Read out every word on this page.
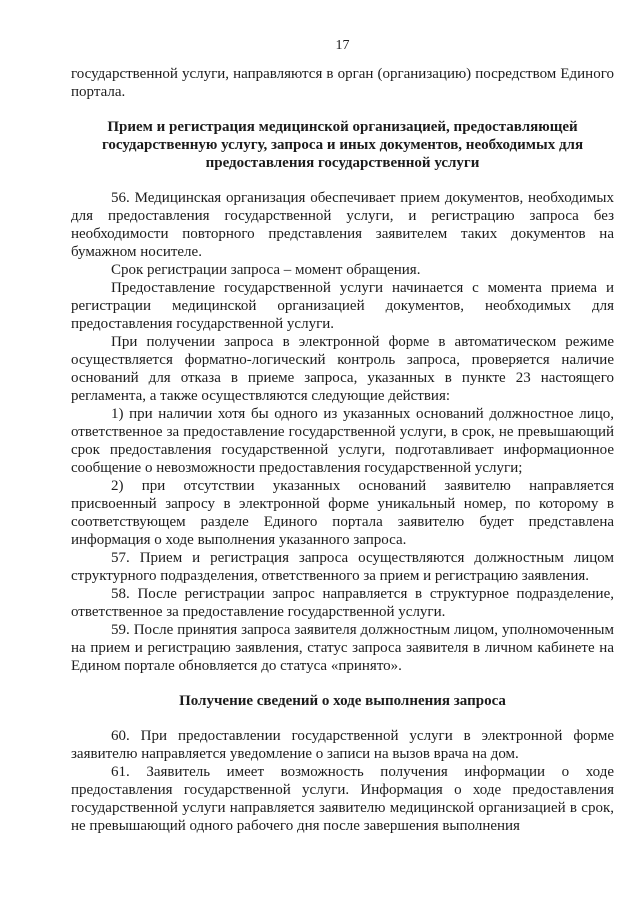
17

государственной услуги, направляются в орган (организацию) посредством Единого портала.

Прием и регистрация медицинской организацией, предоставляющей государственную услугу, запроса и иных документов, необходимых для предоставления государственной услуги

56. Медицинская организация обеспечивает прием документов, необходимых для предоставления государственной услуги, и регистрацию запроса без необходимости повторного представления заявителем таких документов на бумажном носителе.

Срок регистрации запроса – момент обращения.

Предоставление государственной услуги начинается с момента приема и регистрации медицинской организацией документов, необходимых для предоставления государственной услуги.

При получении запроса в электронной форме в автоматическом режиме осуществляется форматно-логический контроль запроса, проверяется наличие оснований для отказа в приеме запроса, указанных в пункте 23 настоящего регламента, а также осуществляются следующие действия:

1) при наличии хотя бы одного из указанных оснований должностное лицо, ответственное за предоставление государственной услуги, в срок, не превышающий срок предоставления государственной услуги, подготавливает информационное сообщение о невозможности предоставления государственной услуги;

2) при отсутствии указанных оснований заявителю направляется присвоенный запросу в электронной форме уникальный номер, по которому в соответствующем разделе Единого портала заявителю будет представлена информация о ходе выполнения указанного запроса.

57. Прием и регистрация запроса осуществляются должностным лицом структурного подразделения, ответственного за прием и регистрацию заявления.

58. После регистрации запрос направляется в структурное подразделение, ответственное за предоставление государственной услуги.

59. После принятия запроса заявителя должностным лицом, уполномоченным на прием и регистрацию заявления, статус запроса заявителя в личном кабинете на Едином портале обновляется до статуса «принято».

Получение сведений о ходе выполнения запроса

60. При предоставлении государственной услуги в электронной форме заявителю направляется уведомление о записи на вызов врача на дом.

61. Заявитель имеет возможность получения информации о ходе предоставления государственной услуги. Информация о ходе предоставления государственной услуги направляется заявителю медицинской организацией в срок, не превышающий одного рабочего дня после завершения выполнения
